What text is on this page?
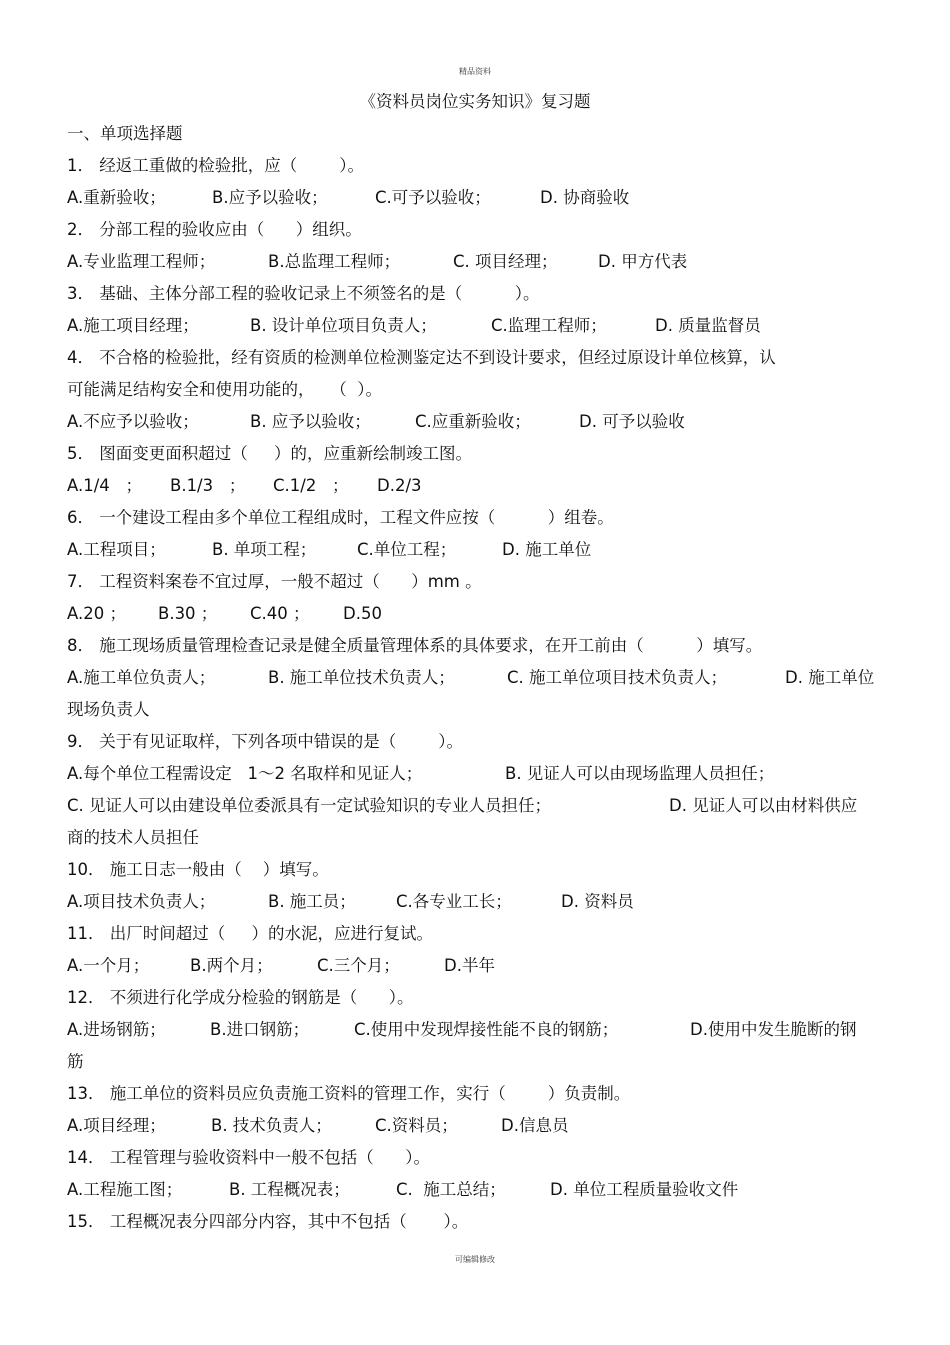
精品资料
《资料员岗位实务知识》复习题
一、单项选择题
1． 经返工重做的检验批，应（        ）。
A.重新验收；	B.应予以验收；	C.可予以验收；	D. 协商验收
2． 分部工程的验收应由（      ）组织。
A.专业监理工程师；	B.总监理工程师；	C. 项目经理； D. 甲方代表
3． 基础、主体分部工程的验收记录上不须签名的是（          ）。
A.施工项目经理；	B. 设计单位项目负责人；	C.监理工程师；	D. 质量监督员
4． 不合格的检验批，经有资质的检测单位检测鉴定达不到设计要求，但经过原设计单位核算，认
可能满足结构安全和使用功能的，   （  ）。
A.不应予以验收；	B. 应予以验收；	C.应重新验收；	D. 可予以验收
5． 图面变更面积超过（     ）的，应重新绘制竣工图。
A.1/4   ； B.1/3   ； C.1/2   ； D.2/3
6． 一个建设工程由多个单位工程组成时，工程文件应按（          ）组卷。
A.工程项目；	B. 单项工程； C.单位工程；	D. 施工单位
7． 工程资料案卷不宜过厚，一般不超过（      ）mm 。
A.20 ； B.30 ； C.40 ； D.50
8． 施工现场质量管理检查记录是健全质量管理体系的具体要求，在开工前由（          ）填写。
A.施工单位负责人；	B. 施工单位技术负责人；	C. 施工单位项目技术负责人；	D. 施工单位
现场负责人
9． 关于有见证取样，下列各项中错误的是（        ）。
A.每个单位工程需设定   1～2 名取样和见证人；	B. 见证人可以由现场监理人员担任；
C. 见证人可以由建设单位委派具有一定试验知识的专业人员担任；	D. 见证人可以由材料供应
商的技术人员担任
10． 施工日志一般由（    ）填写。
A.项目技术负责人；	B. 施工员； C.各专业工长；	D. 资料员
11． 出厂时间超过（     ）的水泥，应进行复试。
A.一个月； B.两个月；	C.三个月；	D.半年
12． 不须进行化学成分检验的钢筋是（      ）。
A.进场钢筋；	B.进口钢筋；	C.使用中发现焊接性能不良的钢筋；	D.使用中发生脆断的钢
筋
13． 施工单位的资料员应负责施工资料的管理工作，实行（        ）负责制。
A.项目经理；	B. 技术负责人；	C.资料员；	D.信息员
14． 工程管理与验收资料中一般不包括（      ）。
A.工程施工图；	B. 工程概况表；	C.  施工总结；	D. 单位工程质量验收文件
15． 工程概况表分四部分内容，其中不包括（       ）。
可编辑修改
